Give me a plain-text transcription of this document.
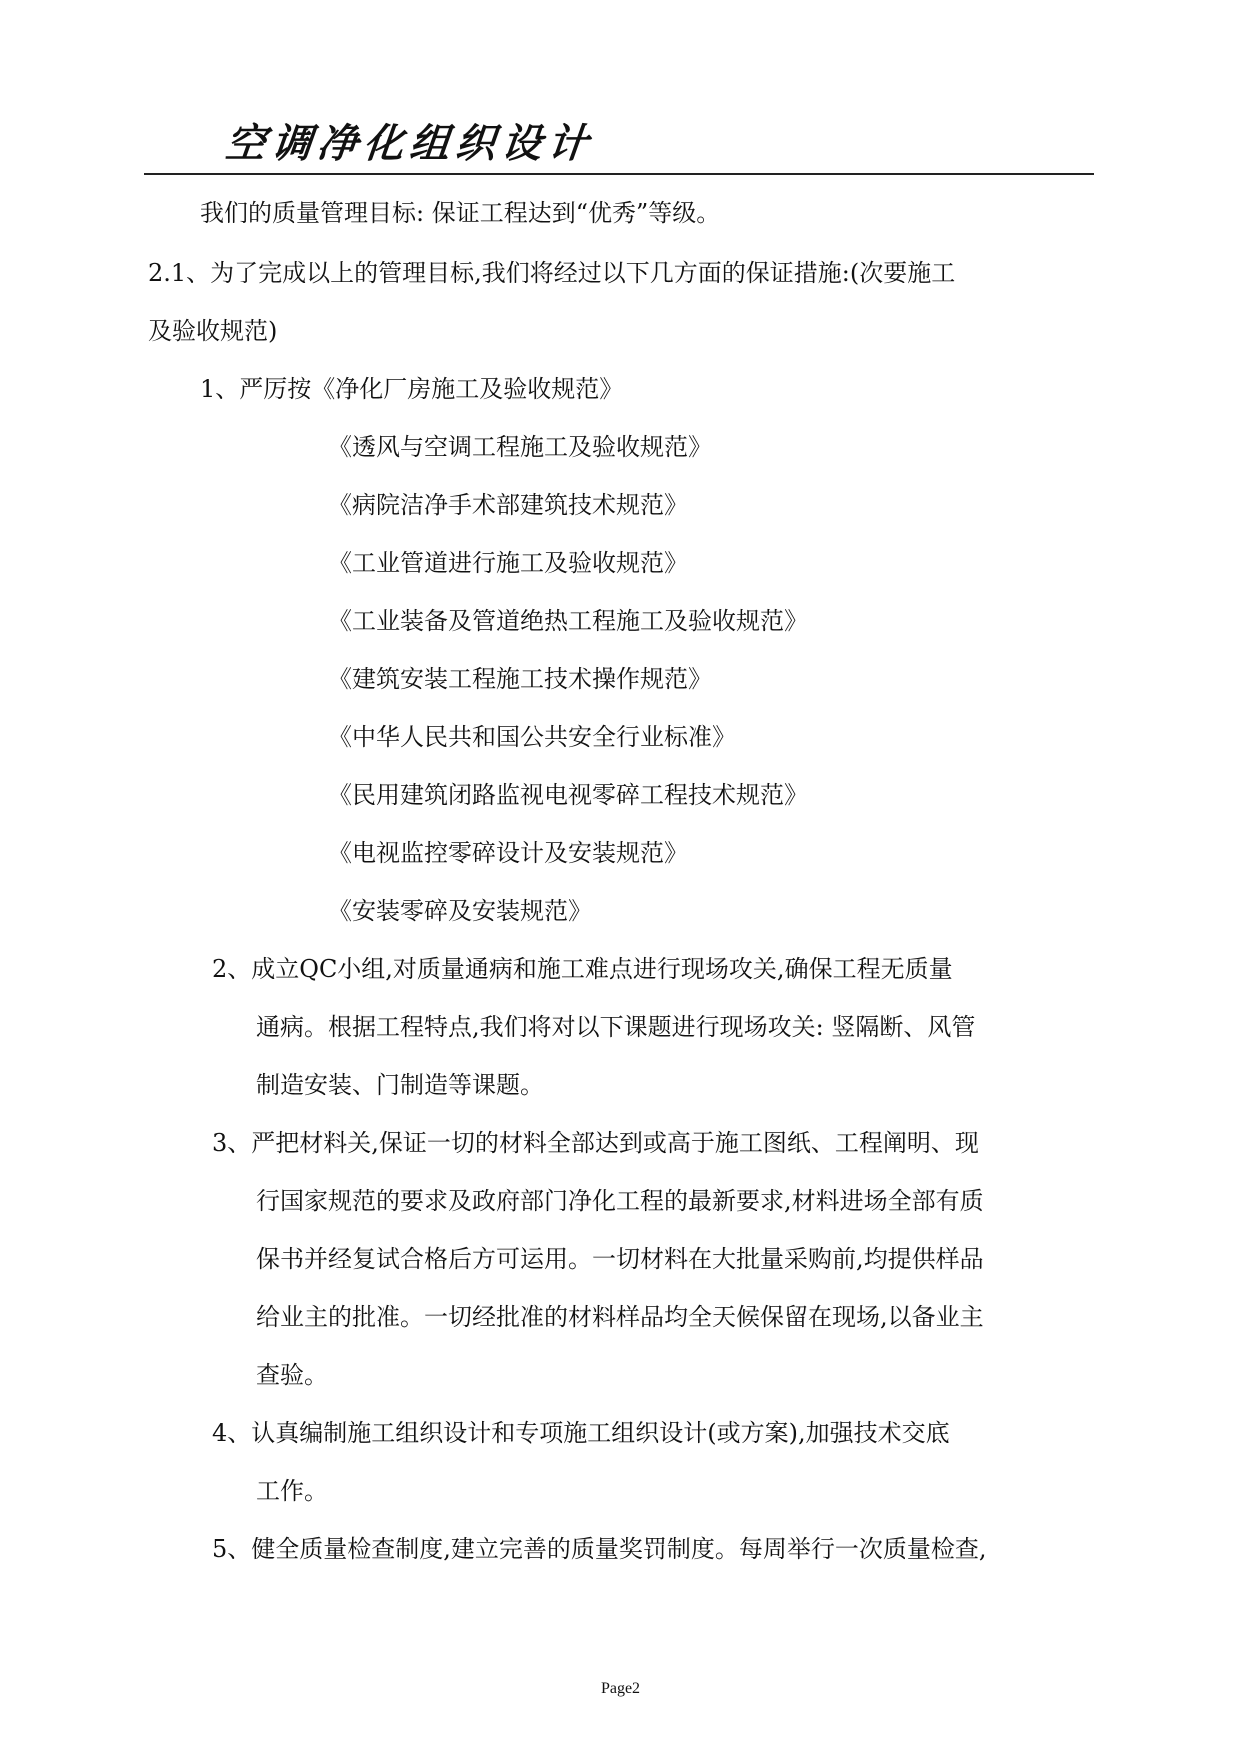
空调净化组织设计
我们的质量管理目标: 保证工程达到“优秀”等级。
2.1、为了完成以上的管理目标,我们将经过以下几方面的保证措施:(次要施工
及验收规范)
1、严厉按《净化厂房施工及验收规范》
《透风与空调工程施工及验收规范》
《病院洁净手术部建筑技术规范》
《工业管道进行施工及验收规范》
《工业装备及管道绝热工程施工及验收规范》
《建筑安装工程施工技术操作规范》
《中华人民共和国公共安全行业标准》
《民用建筑闭路监视电视零碎工程技术规范》
《电视监控零碎设计及安装规范》
《安装零碎及安装规范》
2、成立QC小组,对质量通病和施工难点进行现场攻关,确保工程无质量
通病。根据工程特点,我们将对以下课题进行现场攻关: 竖隔断、风管
制造安装、门制造等课题。
3、严把材料关,保证一切的材料全部达到或高于施工图纸、工程阐明、现
行国家规范的要求及政府部门净化工程的最新要求,材料进场全部有质
保书并经复试合格后方可运用。一切材料在大批量采购前,均提供样品
给业主的批准。一切经批准的材料样品均全天候保留在现场,以备业主
查验。
4、认真编制施工组织设计和专项施工组织设计(或方案),加强技术交底
工作。
5、健全质量检查制度,建立完善的质量奖罚制度。每周举行一次质量检查,
Page2
